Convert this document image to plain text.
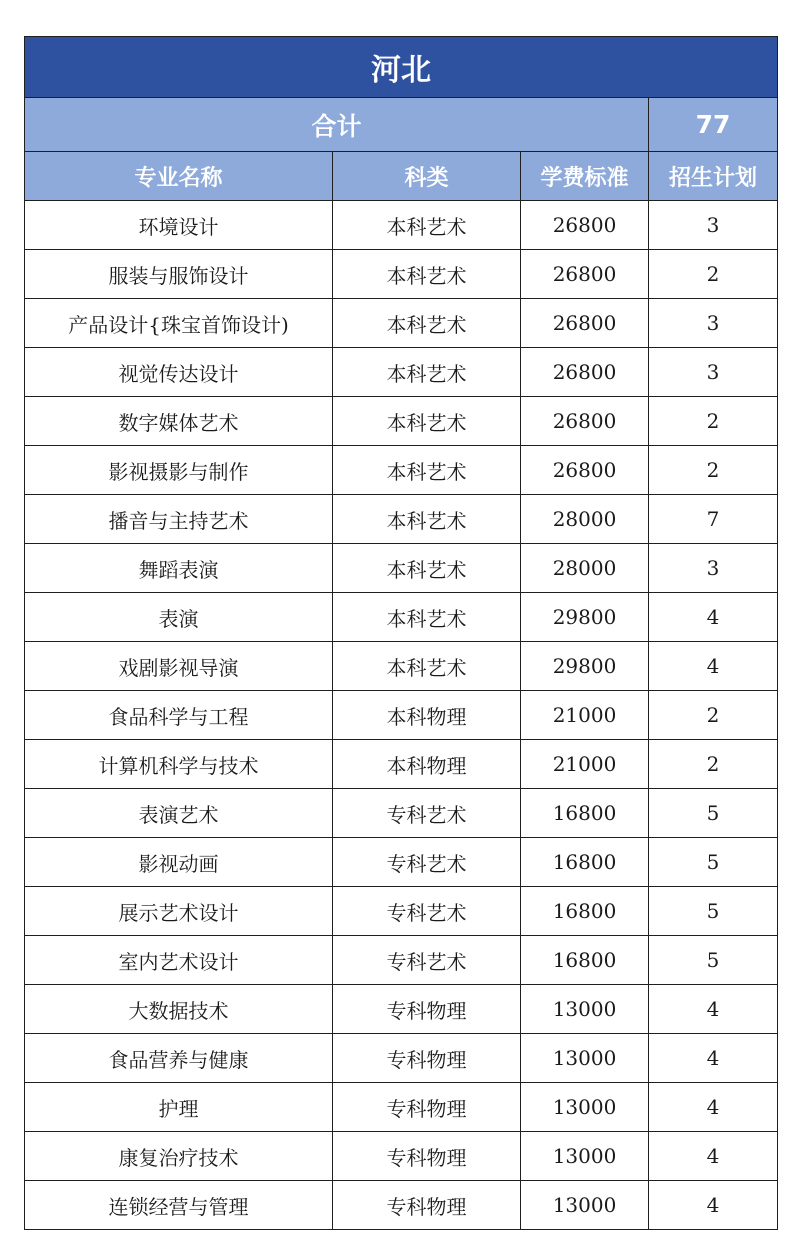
河北			
合计			77
专业名称	科类	学费标准	招生计划
环境设计	本科艺术	26800	3
服装与服饰设计	本科艺术	26800	2
产品设计{珠宝首饰设计)	本科艺术	26800	3
视觉传达设计	本科艺术	26800	3
数字媒体艺术	本科艺术	26800	2
影视摄影与制作	本科艺术	26800	2
播音与主持艺术	本科艺术	28000	7
舞蹈表演	本科艺术	28000	3
表演	本科艺术	29800	4
戏剧影视导演	本科艺术	29800	4
食品科学与工程	本科物理	21000	2
计算机科学与技术	本科物理	21000	2
表演艺术	专科艺术	16800	5
影视动画	专科艺术	16800	5
展示艺术设计	专科艺术	16800	5
室内艺术设计	专科艺术	16800	5
大数据技术	专科物理	13000	4
食品营养与健康	专科物理	13000	4
护理	专科物理	13000	4
康复治疗技术	专科物理	13000	4
连锁经营与管理	专科物理	13000	4
